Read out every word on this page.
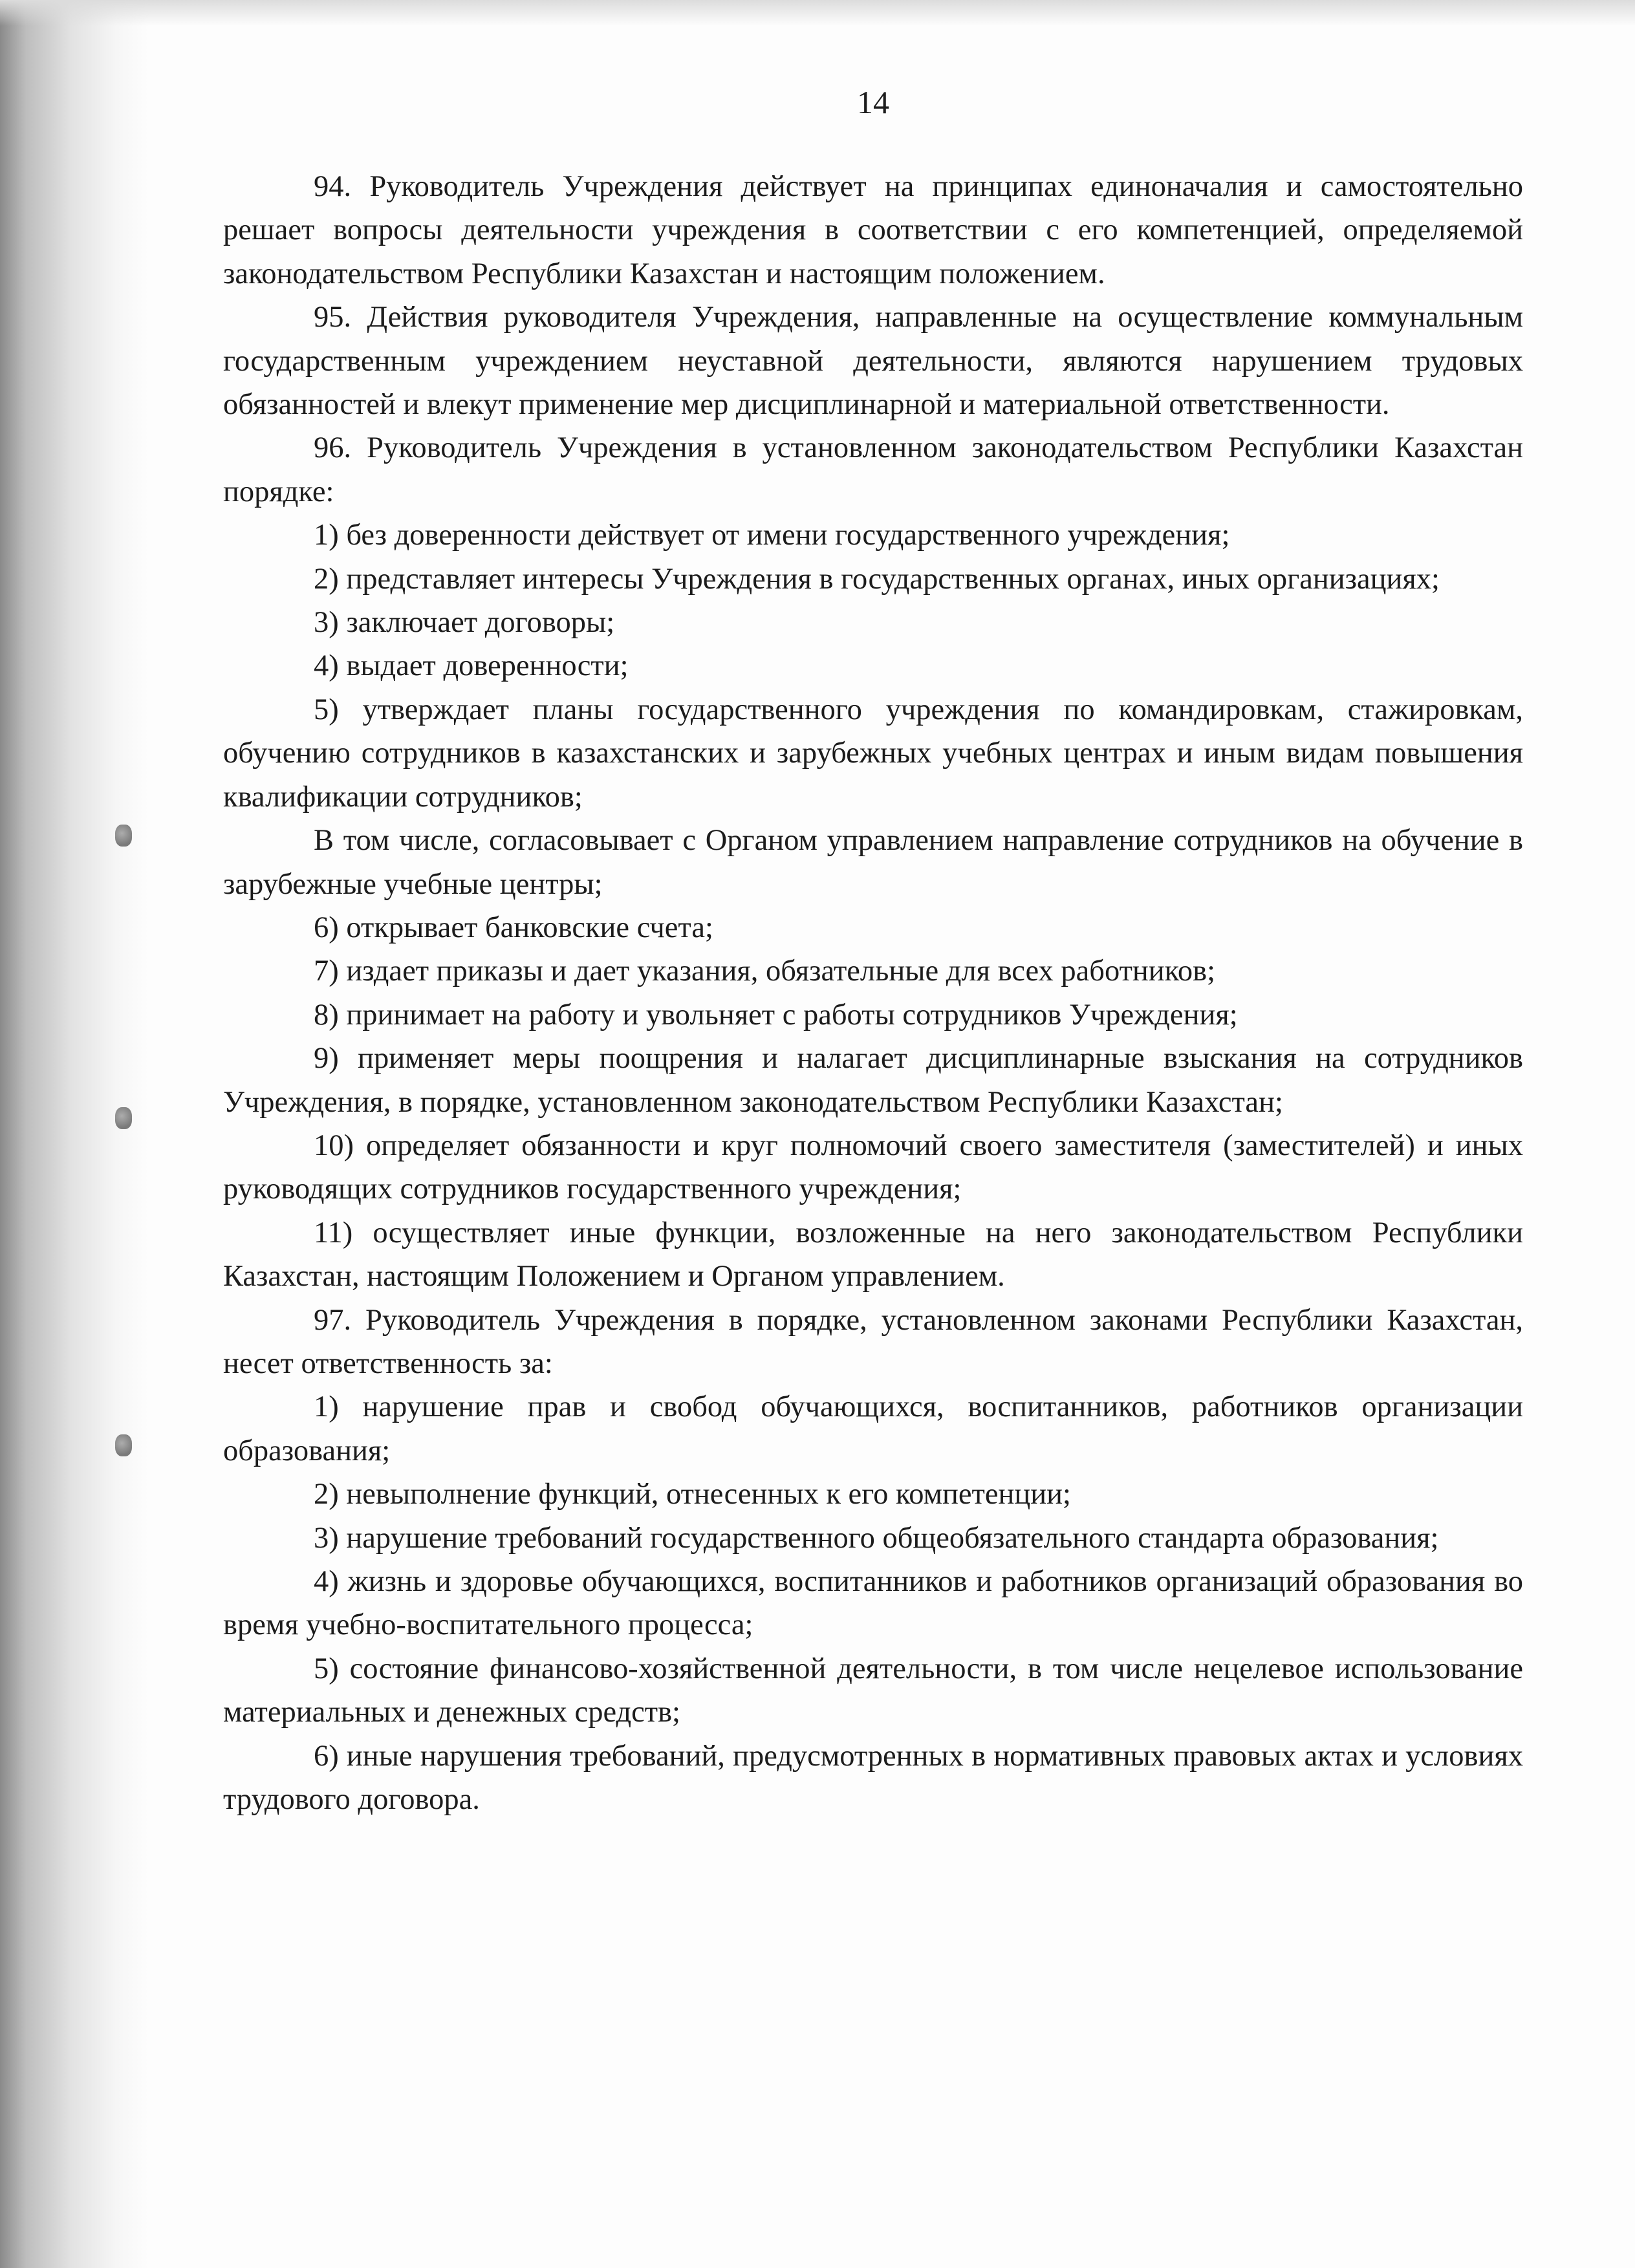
14

94. Руководитель Учреждения действует на принципах единоначалия и самостоятельно решает вопросы деятельности учреждения в соответствии с его компетенцией, определяемой законодательством Республики Казахстан и настоящим положением.

95. Действия руководителя Учреждения, направленные на осуществление коммунальным государственным учреждением неуставной деятельности, являются нарушением трудовых обязанностей и влекут применение мер дисциплинарной и материальной ответственности.

96. Руководитель Учреждения в установленном законодательством Республики Казахстан порядке:

1) без доверенности действует от имени государственного учреждения;

2) представляет интересы Учреждения в государственных органах, иных организациях;

3) заключает договоры;

4) выдает доверенности;

5) утверждает планы государственного учреждения по командировкам, стажировкам, обучению сотрудников в казахстанских и зарубежных учебных центрах и иным видам повышения квалификации сотрудников;

В том числе, согласовывает с Органом управлением направление сотрудников на обучение в зарубежные учебные центры;

6) открывает банковские счета;

7) издает приказы и дает указания, обязательные для всех работников;

8) принимает на работу и увольняет с работы сотрудников Учреждения;

9) применяет меры поощрения и налагает дисциплинарные взыскания на сотрудников Учреждения, в порядке, установленном законодательством Республики Казахстан;

10) определяет обязанности и круг полномочий своего заместителя (заместителей) и иных руководящих сотрудников государственного учреждения;

11) осуществляет иные функции, возложенные на него законодательством Республики Казахстан, настоящим Положением и Органом управлением.

97. Руководитель Учреждения в порядке, установленном законами Республики Казахстан, несет ответственность за:

1) нарушение прав и свобод обучающихся, воспитанников, работников организации образования;

2) невыполнение функций, отнесенных к его компетенции;

3) нарушение требований государственного общеобязательного стандарта образования;

4) жизнь и здоровье обучающихся, воспитанников и работников организаций образования во время учебно-воспитательного процесса;

5) состояние финансово-хозяйственной деятельности, в том числе нецелевое использование материальных и денежных средств;

6) иные нарушения требований, предусмотренных в нормативных правовых актах и условиях трудового договора.
